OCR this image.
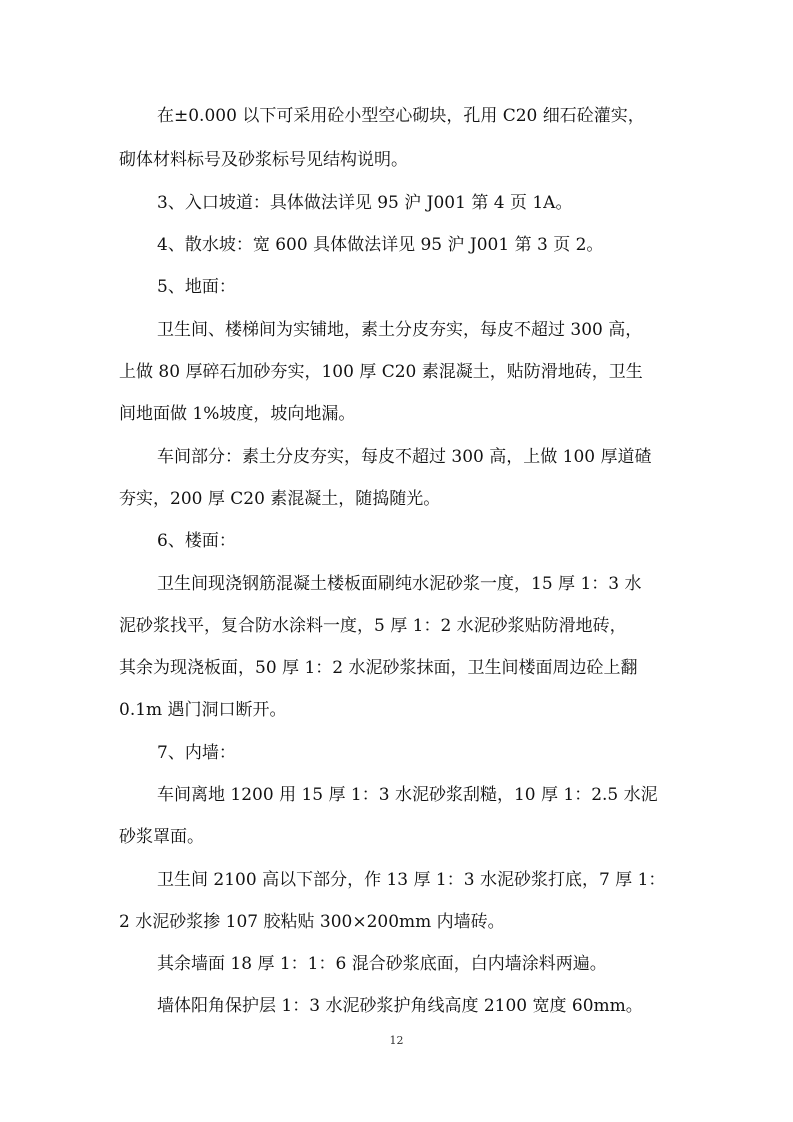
在±0.000 以下可采用砼小型空心砌块，孔用 C20 细石砼灌实，
砌体材料标号及砂浆标号见结构说明。
3、入口坡道：具体做法详见 95 沪 J001 第 4 页 1A。
4、散水坡：宽 600 具体做法详见 95 沪 J001 第 3 页 2。
5、地面：
卫生间、楼梯间为实铺地，素土分皮夯实，每皮不超过 300 高，
上做 80 厚碎石加砂夯实，100 厚 C20 素混凝土，贴防滑地砖，卫生
间地面做 1%坡度，坡向地漏。
车间部分：素土分皮夯实，每皮不超过 300 高，上做 100 厚道碴
夯实，200 厚 C20 素混凝土，随捣随光。
6、楼面：
卫生间现浇钢筋混凝土楼板面刷纯水泥砂浆一度，15 厚 1：3 水
泥砂浆找平，复合防水涂料一度，5 厚 1：2 水泥砂浆贴防滑地砖，
其余为现浇板面，50 厚 1：2 水泥砂浆抹面，卫生间楼面周边砼上翻
0.1m 遇门洞口断开。
7、内墙：
车间离地 1200 用 15 厚 1：3 水泥砂浆刮糙，10 厚 1：2.5 水泥
砂浆罩面。
卫生间 2100 高以下部分，作 13 厚 1：3 水泥砂浆打底，7 厚 1：
2 水泥砂浆掺 107 胶粘贴 300×200mm 内墙砖。
其余墙面 18 厚 1：1：6 混合砂浆底面，白内墙涂料两遍。
墙体阳角保护层 1：3 水泥砂浆护角线高度 2100 宽度 60mm。
12
